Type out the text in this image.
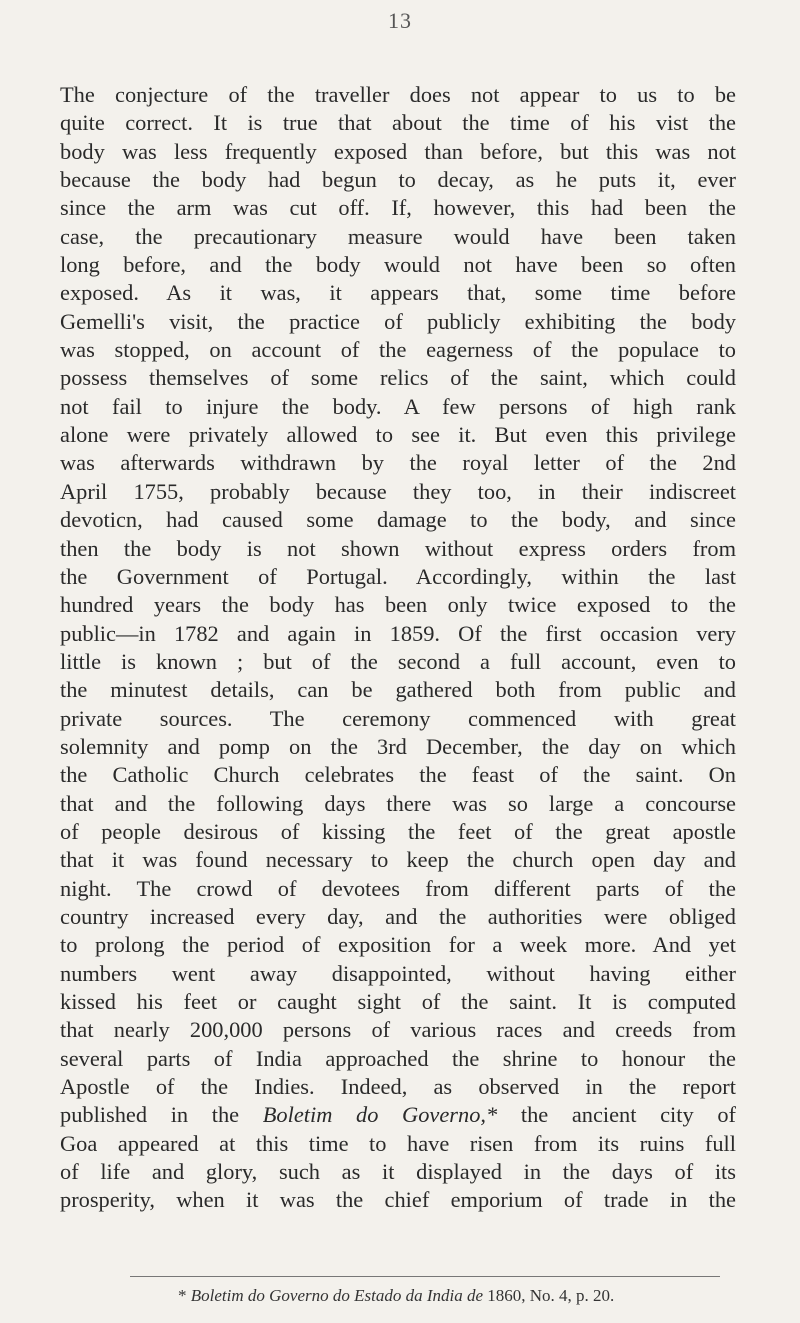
13
The conjecture of the traveller does not appear to us to be
quite correct. It is true that about the time of his vist the
body was less frequently exposed than before, but this was not
because the body had begun to decay, as he puts it, ever
since the arm was cut off. If, however, this had been the
case, the precautionary measure would have been taken
long before, and the body would not have been so often
exposed. As it was, it appears that, some time before
Gemelli's visit, the practice of publicly exhibiting the body
was stopped, on account of the eagerness of the populace to
possess themselves of some relics of the saint, which could
not fail to injure the body. A few persons of high rank
alone were privately allowed to see it. But even this privilege
was afterwards withdrawn by the royal letter of the 2nd
April 1755, probably because they too, in their indiscreet
devoticn, had caused some damage to the body, and since
then the body is not shown without express orders from
the Government of Portugal. Accordingly, within the last
hundred years the body has been only twice exposed to the
public—in 1782 and again in 1859. Of the first occasion very
little is known ; but of the second a full account, even to
the minutest details, can be gathered both from public and
private sources. The ceremony commenced with great
solemnity and pomp on the 3rd December, the day on which
the Catholic Church celebrates the feast of the saint. On
that and the following days there was so large a concourse
of people desirous of kissing the feet of the great apostle
that it was found necessary to keep the church open day and
night. The crowd of devotees from different parts of the
country increased every day, and the authorities were obliged
to prolong the period of exposition for a week more. And yet
numbers went away disappointed, without having either
kissed his feet or caught sight of the saint. It is computed
that nearly 200,000 persons of various races and creeds from
several parts of India approached the shrine to honour the
Apostle of the Indies. Indeed, as observed in the report
published in the Boletim do Governo,* the ancient city of
Goa appeared at this time to have risen from its ruins full
of life and glory, such as it displayed in the days of its
prosperity, when it was the chief emporium of trade in the
* Boletim do Governo do Estado da India de 1860, No. 4, p. 20.
